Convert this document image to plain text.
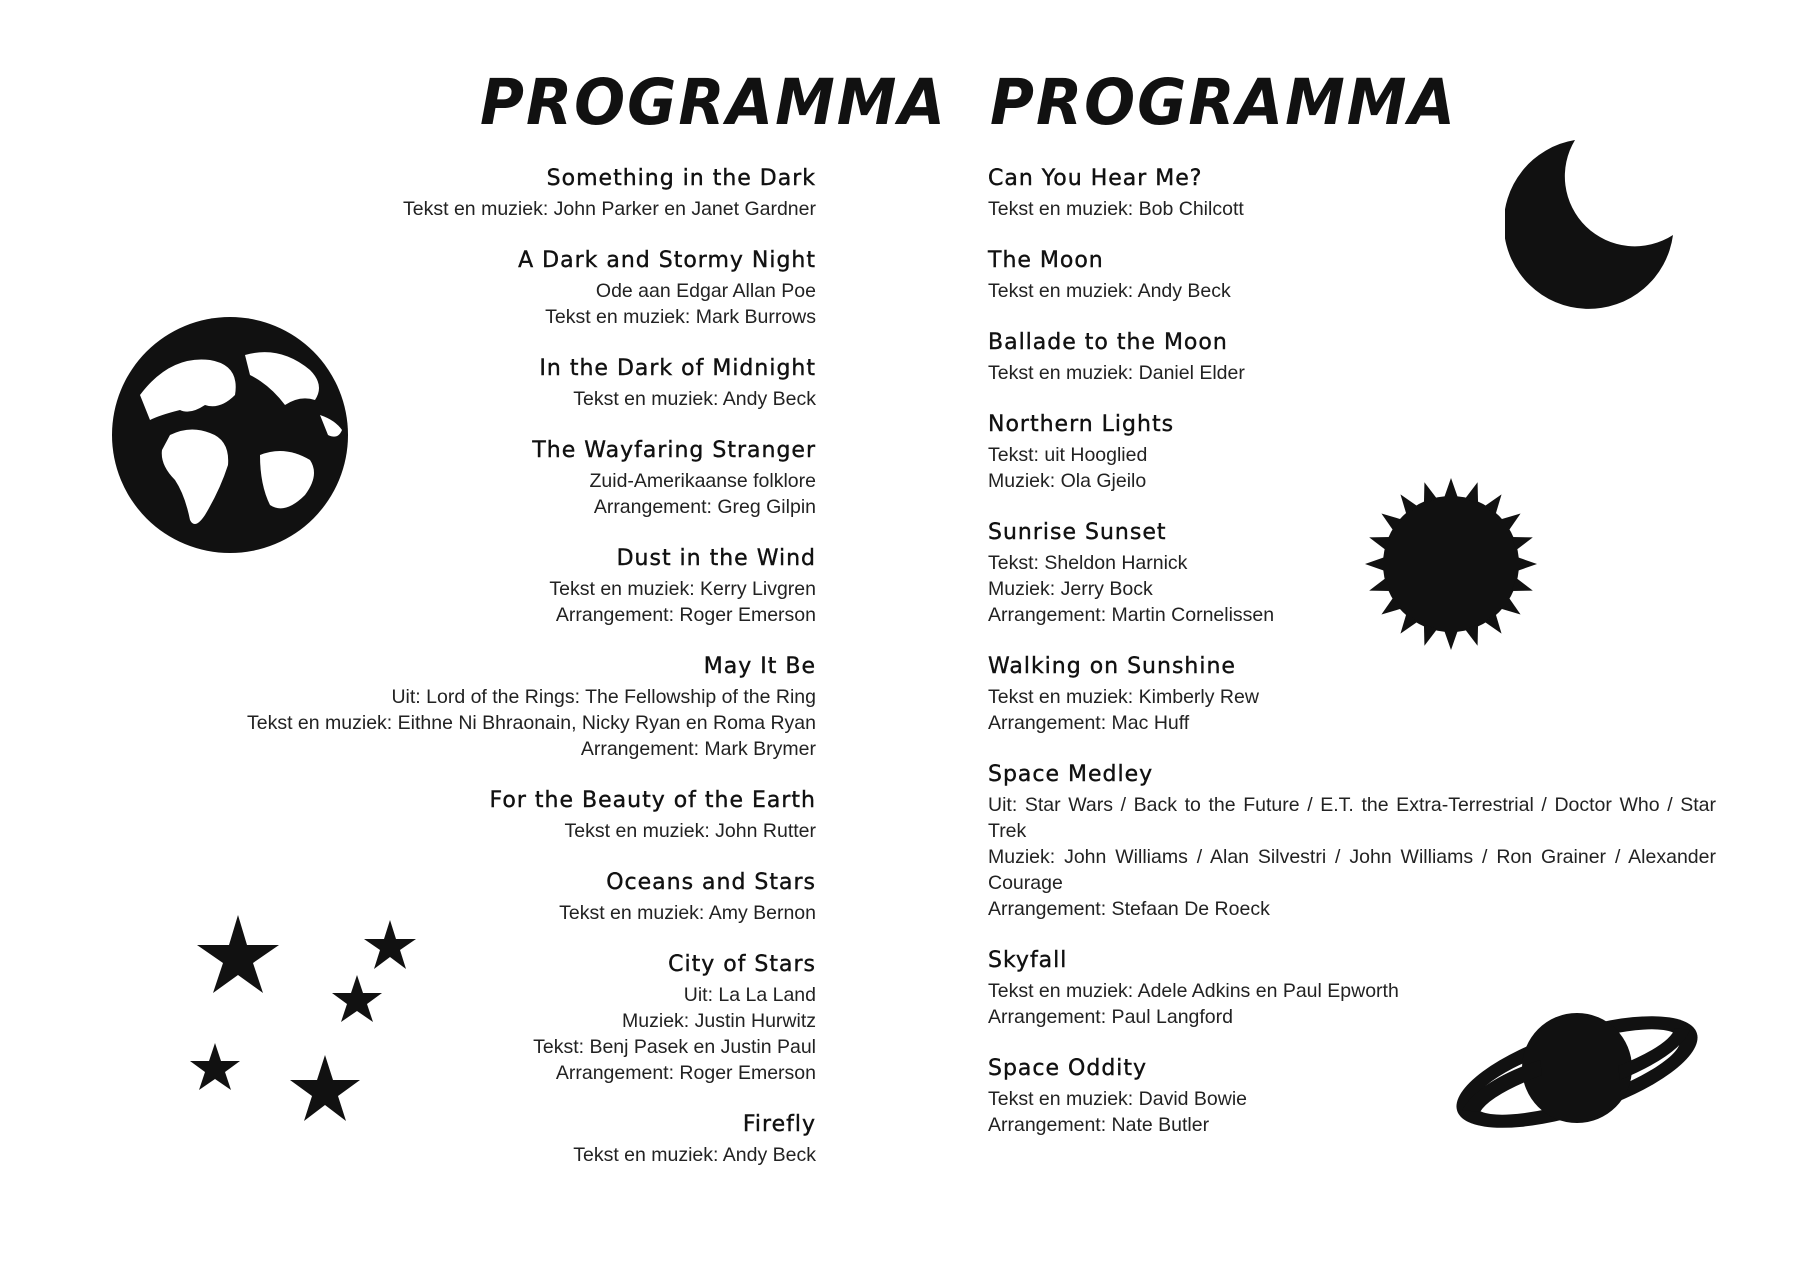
PROGRAMMA PROGRAMMA
Something in the Dark
Tekst en muziek: John Parker en Janet Gardner
A Dark and Stormy Night
Ode aan Edgar Allan Poe
Tekst en muziek: Mark Burrows
In the Dark of Midnight
Tekst en muziek: Andy Beck
The Wayfaring Stranger
Zuid-Amerikaanse folklore
Arrangement: Greg Gilpin
Dust in the Wind
Tekst en muziek: Kerry Livgren
Arrangement: Roger Emerson
May It Be
Uit: Lord of the Rings: The Fellowship of the Ring
Tekst en muziek: Eithne Ni Bhraonain, Nicky Ryan en Roma Ryan
Arrangement: Mark Brymer
For the Beauty of the Earth
Tekst en muziek: John Rutter
Oceans and Stars
Tekst en muziek: Amy Bernon
City of Stars
Uit: La La Land
Muziek: Justin Hurwitz
Tekst: Benj Pasek en Justin Paul
Arrangement: Roger Emerson
Firefly
Tekst en muziek: Andy Beck
Can You Hear Me?
Tekst en muziek: Bob Chilcott
The Moon
Tekst en muziek: Andy Beck
Ballade to the Moon
Tekst en muziek: Daniel Elder
Northern Lights
Tekst: uit Hooglied
Muziek: Ola Gjeilo
Sunrise Sunset
Tekst: Sheldon Harnick
Muziek: Jerry Bock
Arrangement: Martin Cornelissen
Walking on Sunshine
Tekst en muziek: Kimberly Rew
Arrangement: Mac Huff
Space Medley
Uit: Star Wars / Back to the Future / E.T. the Extra-Terrestrial / Doctor Who / Star Trek
Muziek: John Williams / Alan Silvestri / John Williams / Ron Grainer / Alexander Courage
Arrangement: Stefaan De Roeck
Skyfall
Tekst en muziek: Adele Adkins en Paul Epworth
Arrangement: Paul Langford
Space Oddity
Tekst en muziek: David Bowie
Arrangement: Nate Butler
